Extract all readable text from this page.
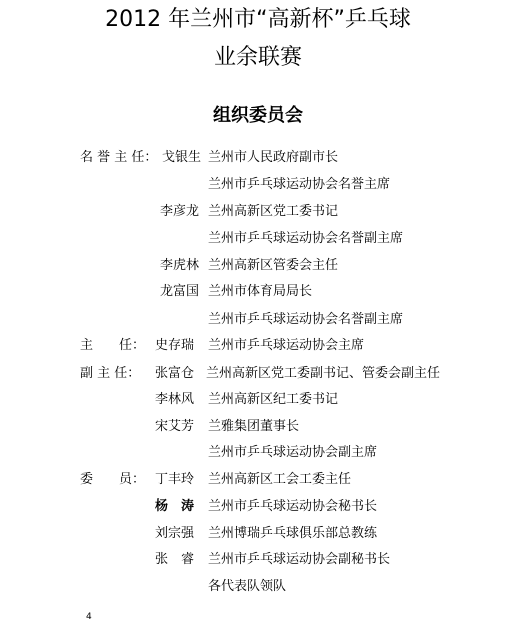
2012 年兰州市“高新杯”乒乓球
业余联赛
组织委员会
名 誉 主 任： 戈银生 兰州市人民政府副市长
兰州市乒乓球运动协会名誉主席
李彦龙 兰州高新区党工委书记
兰州市乒乓球运动协会名誉副主席
李虎林 兰州高新区管委会主任
龙富国 兰州市体育局局长
兰州市乒乓球运动协会名誉副主席
主　　任： 史存瑞 兰州市乒乓球运动协会主席
副 主 任： 张富仓 兰州高新区党工委副书记、管委会副主任
李林风 兰州高新区纪工委书记
宋艾芳 兰雅集团董事长
兰州市乒乓球运动协会副主席
委　　员： 丁丰玲 兰州高新区工会工委主任
杨　涛 兰州市乒乓球运动协会秘书长
刘宗强 兰州博瑞乒乓球俱乐部总教练
张　睿 兰州市乒乓球运动协会副秘书长
各代表队领队
4
